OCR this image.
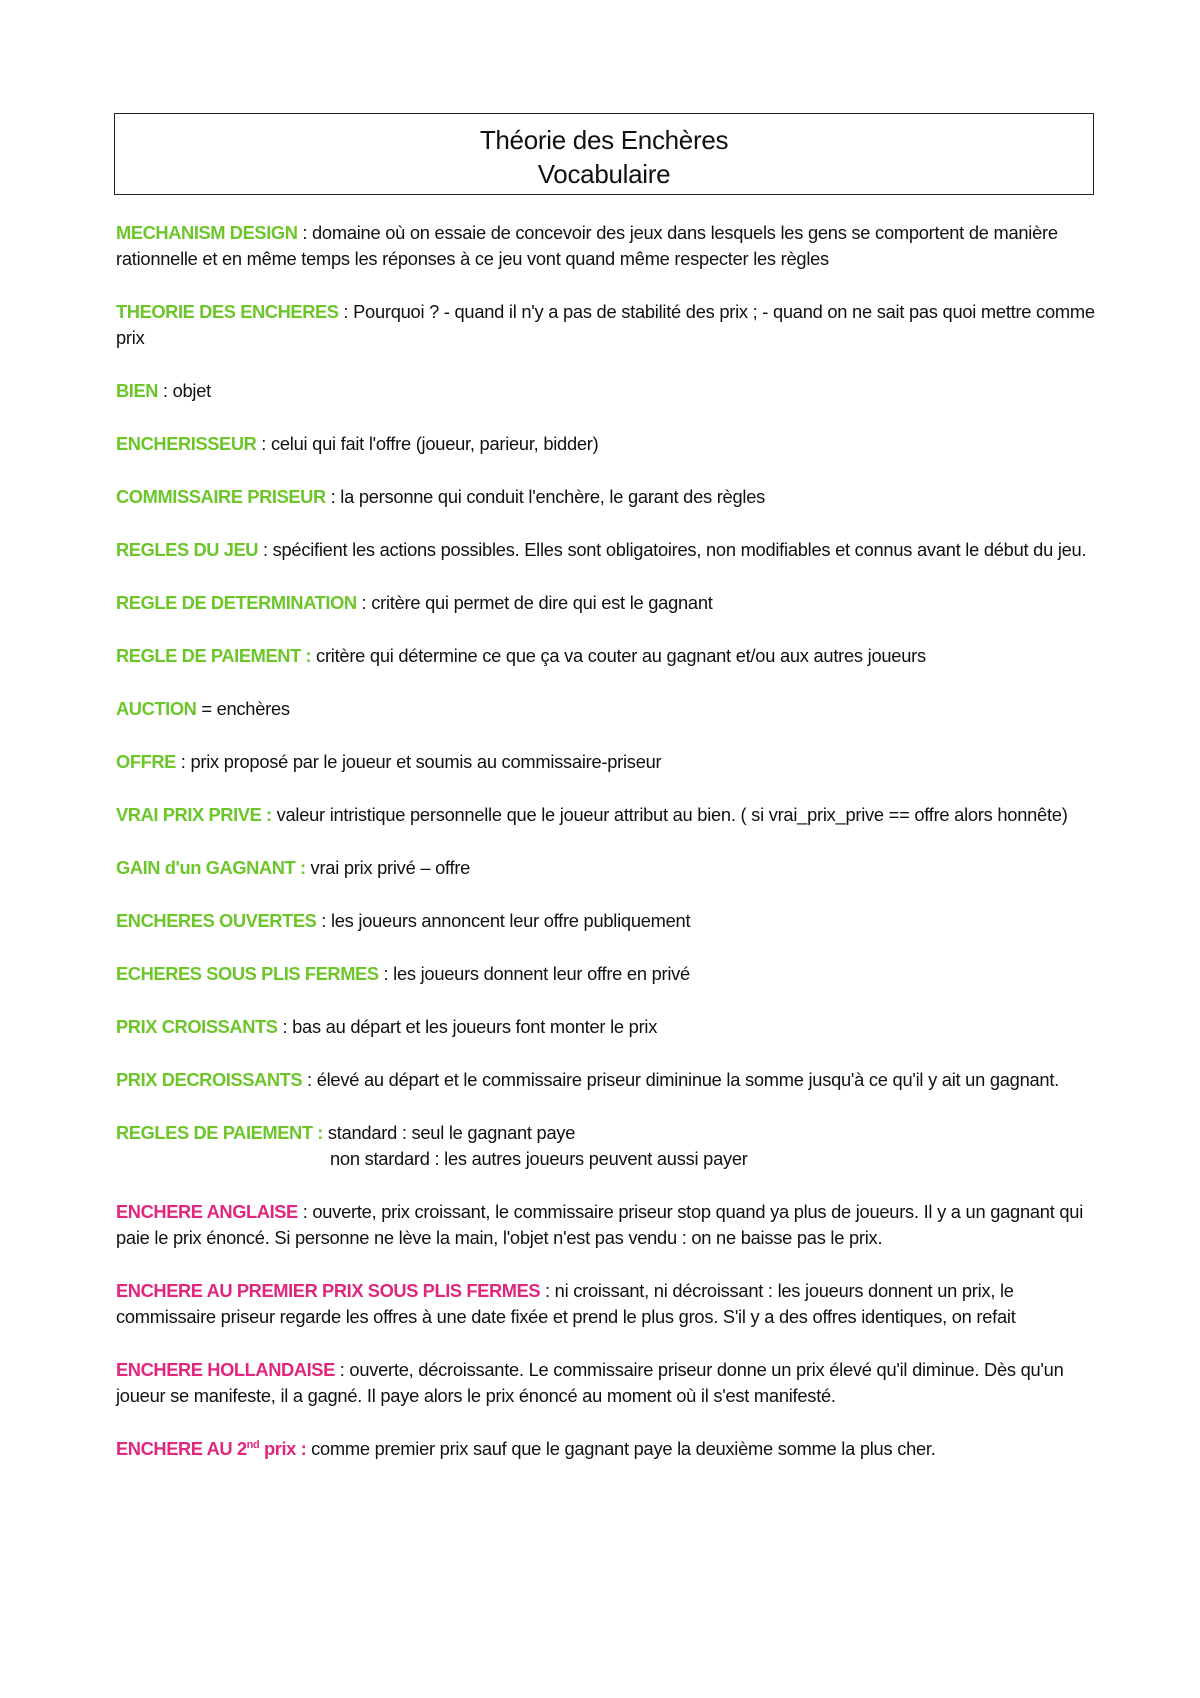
Théorie des Enchères
Vocabulaire

MECHANISM DESIGN : domaine où on essaie de concevoir des jeux dans lesquels les gens se comportent de manière rationnelle et en même temps les réponses à ce jeu vont quand même respecter les règles

THEORIE DES ENCHERES : Pourquoi ? - quand il n'y a pas de stabilité des prix ; - quand on ne sait pas quoi mettre comme prix

BIEN : objet

ENCHERISSEUR : celui qui fait l'offre (joueur, parieur, bidder)

COMMISSAIRE PRISEUR : la personne qui conduit l'enchère, le garant des règles

REGLES DU JEU : spécifient les actions possibles. Elles sont obligatoires, non modifiables et connus avant le début du jeu.

REGLE DE DETERMINATION : critère qui permet de dire qui est le gagnant

REGLE DE PAIEMENT : critère qui détermine ce que ça va couter au gagnant et/ou aux autres joueurs

AUCTION = enchères

OFFRE : prix proposé par le joueur et soumis au commissaire-priseur

VRAI PRIX PRIVE : valeur intristique personnelle que le joueur attribut au bien. ( si vrai_prix_prive == offre alors honnête)

GAIN d'un GAGNANT : vrai prix privé – offre

ENCHERES OUVERTES : les joueurs annoncent leur offre publiquement

ECHERES SOUS PLIS FERMES : les joueurs donnent leur offre en privé

PRIX CROISSANTS : bas au départ et les joueurs font monter le prix

PRIX DECROISSANTS : élevé au départ et le commissaire priseur dimininue la somme jusqu'à ce qu'il y ait un gagnant.

REGLES DE PAIEMENT : standard : seul le gagnant paye
non stardard : les autres joueurs peuvent aussi payer

ENCHERE ANGLAISE : ouverte, prix croissant, le commissaire priseur stop quand ya plus de joueurs. Il y a un gagnant qui paie le prix énoncé. Si personne ne lève la main, l'objet n'est pas vendu : on ne baisse pas le prix.

ENCHERE AU PREMIER PRIX SOUS PLIS FERMES : ni croissant, ni décroissant : les joueurs donnent un prix, le commissaire priseur regarde les offres à une date fixée et prend le plus gros. S'il y a des offres identiques, on refait

ENCHERE HOLLANDAISE : ouverte, décroissante. Le commissaire priseur donne un prix élevé qu'il diminue. Dès qu'un joueur se manifeste, il a gagné. Il paye alors le prix énoncé au moment où il s'est manifesté.

ENCHERE AU 2nd prix : comme premier prix sauf que le gagnant paye la deuxième somme la plus cher.
